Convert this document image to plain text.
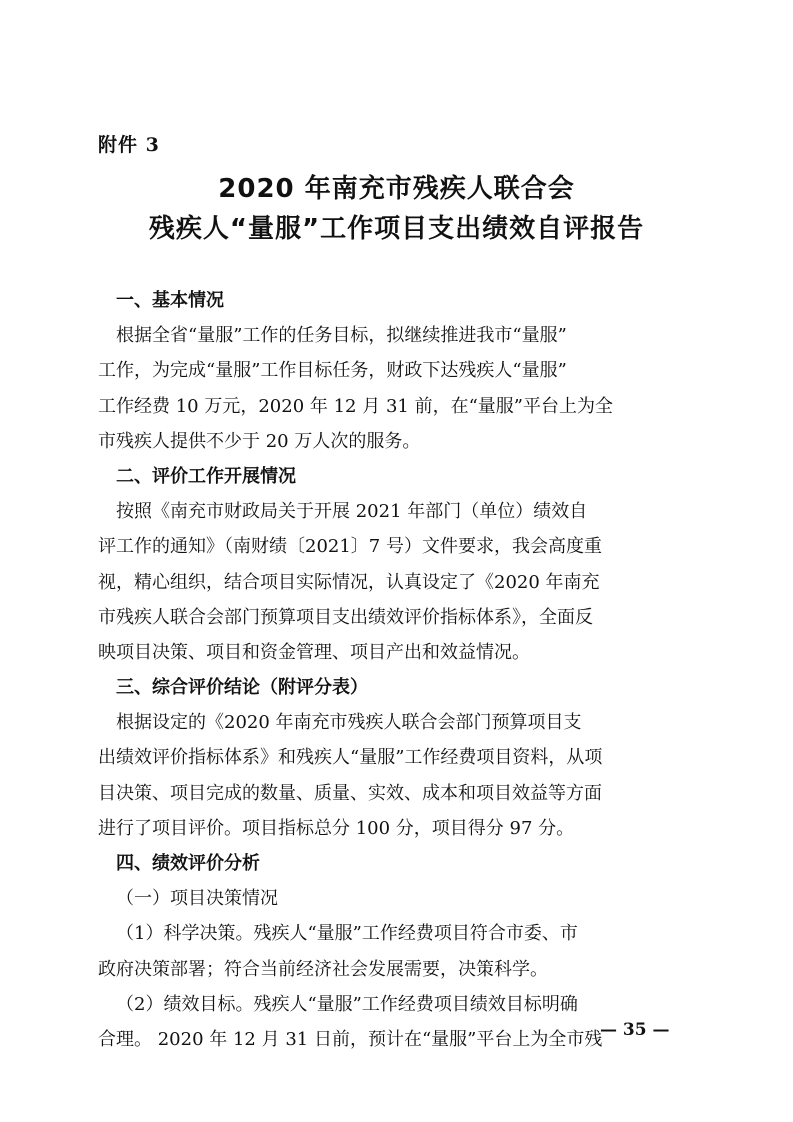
附件 3
2020 年南充市残疾人联合会
残疾人“量服”工作项目支出绩效自评报告
一、基本情况
根据全省“量服”工作的任务目标，拟继续推进我市“量服”
工作，为完成“量服”工作目标任务，财政下达残疾人“量服”
工作经费 10 万元，2020 年 12 月 31 前，在“量服”平台上为全
市残疾人提供不少于 20 万人次的服务。
二、评价工作开展情况
按照《南充市财政局关于开展 2021 年部门（单位）绩效自
评工作的通知》（南财绩〔2021〕7 号）文件要求，我会高度重
视，精心组织，结合项目实际情况，认真设定了《2020 年南充
市残疾人联合会部门预算项目支出绩效评价指标体系》，全面反
映项目决策、项目和资金管理、项目产出和效益情况。
三、综合评价结论（附评分表）
根据设定的《2020 年南充市残疾人联合会部门预算项目支
出绩效评价指标体系》和残疾人“量服”工作经费项目资料，从项
目决策、项目完成的数量、质量、实效、成本和项目效益等方面
进行了项目评价。项目指标总分 100 分，项目得分 97 分。
四、绩效评价分析
（一）项目决策情况
（1）科学决策。残疾人“量服”工作经费项目符合市委、市
政府决策部署；符合当前经济社会发展需要，决策科学。
（2）绩效目标。残疾人“量服”工作经费项目绩效目标明确
合理。 2020 年 12 月 31 日前，预计在“量服”平台上为全市残
— 35 —
